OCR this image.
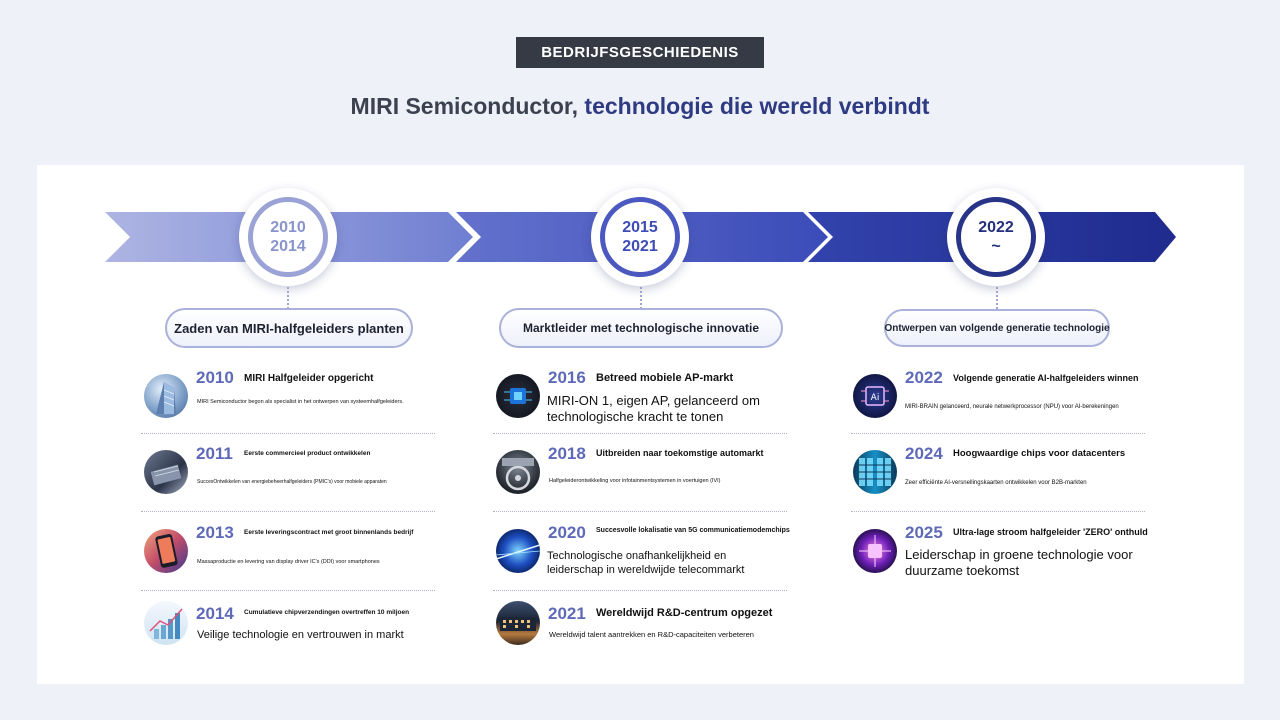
BEDRIJFSGESCHIEDENIS
MIRI Semiconductor, technologie die wereld verbindt
2010
2014
2015
2021
2022
~
Zaden van MIRI-halfgeleiders planten	Marktleider met technologische innovatie	Ontwerpen van volgende generatie technologie
2010 MIRI Halfgeleider opgericht
MIRI Semiconductor begon als specialist in het ontwerpen van systeemhalfgeleiders.
2011 Eerste commercieel product ontwikkelen
SuccesOntwikkelen van energiebeheerhalfgeleiders (PMIC's) voor mobiele apparaten
2013 Eerste leveringscontract met groot binnenlands bedrijf
Massaproductie en levering van display driver IC's (DDI) voor smartphones
2014 Cumulatieve chipverzendingen overtreffen 10 miljoen
Veilige technologie en vertrouwen in markt
2016 Betreed mobiele AP-markt
MIRI-ON 1, eigen AP, gelanceerd om technologische kracht te tonen
2018 Uitbreiden naar toekomstige automarkt
Halfgeleiderontwikkeling voor infotainmentsystemen in voertuigen (IVI)
2020 Succesvolle lokalisatie van 5G communicatiemodemchips
Technologische onafhankelijkheid en leiderschap in wereldwijde telecommarkt
2021 Wereldwijd R&D-centrum opgezet
Wereldwijd talent aantrekken en R&D-capaciteiten verbeteren
Ai
2022 Volgende generatie AI-halfgeleiders winnen
MIRI-BRAIN gelanceerd, neurale netwerkprocessor (NPU) voor AI-berekeningen
2024 Hoogwaardige chips voor datacenters
Zeer efficiënte AI-versnellingskaarten ontwikkelen voor B2B-markten
2025 Ultra-lage stroom halfgeleider 'ZERO' onthuld
Leiderschap in groene technologie voor duurzame toekomst
